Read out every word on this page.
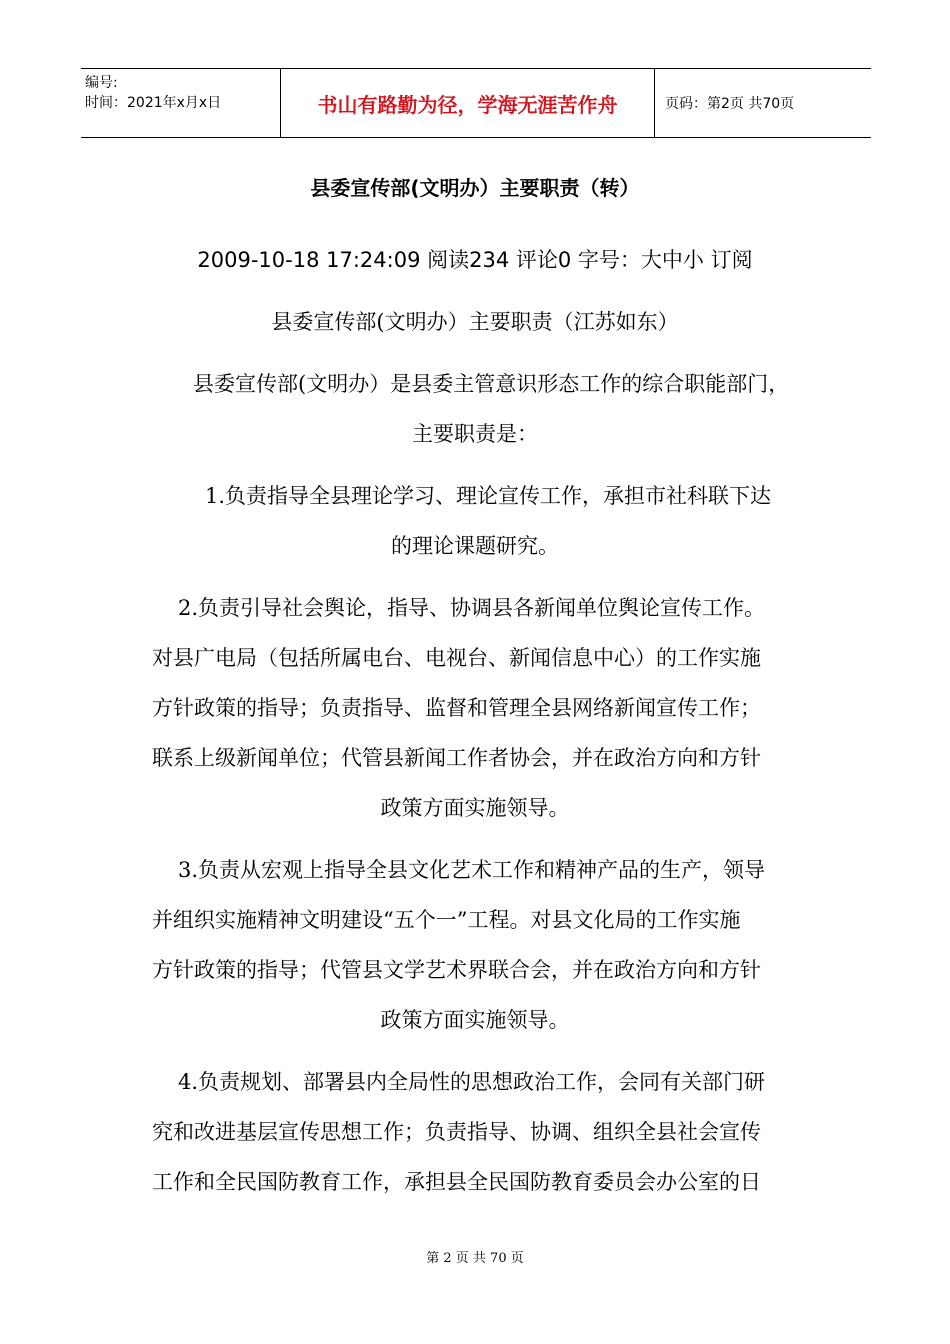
编号:
时间：2021年x月x日	书山有路勤为径，学海无涯苦作舟	页码：第2页 共70页
县委宣传部(文明办）主要职责（转）
2009-10-18 17:24:09 阅读234 评论0 字号：大中小 订阅
县委宣传部(文明办）主要职责（江苏如东）
县委宣传部(文明办）是县委主管意识形态工作的综合职能部门，
主要职责是：
1.负责指导全县理论学习、理论宣传工作，承担市社科联下达
的理论课题研究。
2.负责引导社会舆论，指导、协调县各新闻单位舆论宣传工作。
对县广电局（包括所属电台、电视台、新闻信息中心）的工作实施
方针政策的指导；负责指导、监督和管理全县网络新闻宣传工作；
联系上级新闻单位；代管县新闻工作者协会，并在政治方向和方针
政策方面实施领导。
3.负责从宏观上指导全县文化艺术工作和精神产品的生产，领导
并组织实施精神文明建设“五个一”工程。对县文化局的工作实施
方针政策的指导；代管县文学艺术界联合会，并在政治方向和方针
政策方面实施领导。
4.负责规划、部署县内全局性的思想政治工作，会同有关部门研
究和改进基层宣传思想工作；负责指导、协调、组织全县社会宣传
工作和全民国防教育工作，承担县全民国防教育委员会办公室的日
第 2 页 共 70 页
